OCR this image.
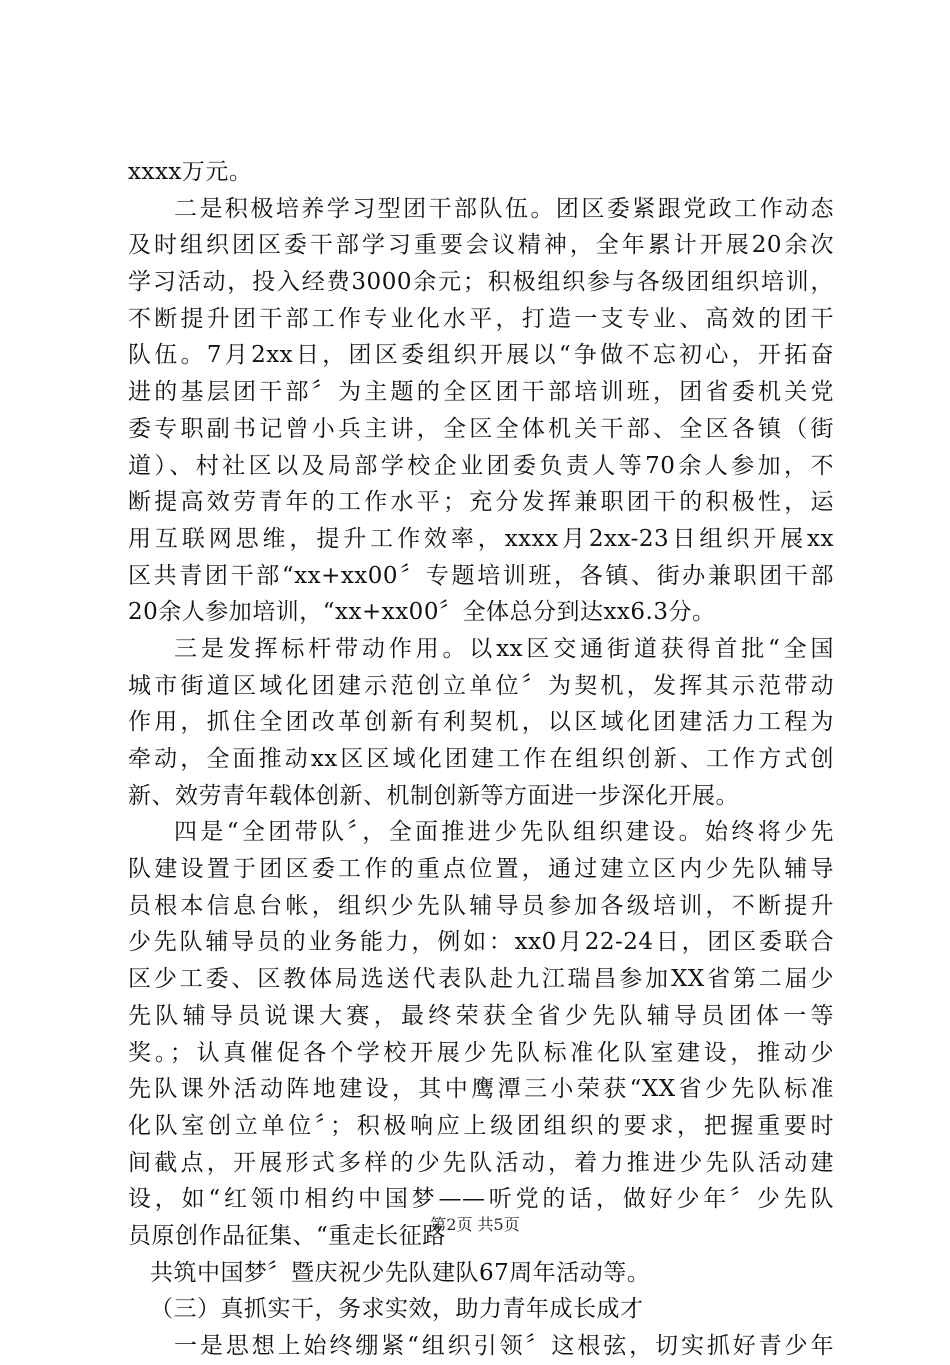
xxxx万元。
二是积极培养学习型团干部队伍。团区委紧跟党政工作动态
及时组织团区委干部学习重要会议精神，全年累计开展20余次
学习活动，投入经费3000余元；积极组织参与各级团组织培训，
不断提升团干部工作专业化水平，打造一支专业、高效的团干
队伍。7月2xx日，团区委组织开展以“争做不忘初心，开拓奋
进的基层团干部〞为主题的全区团干部培训班，团省委机关党
委专职副书记曾小兵主讲，全区全体机关干部、全区各镇（街
道）、村社区以及局部学校企业团委负责人等70余人参加，不
断提高效劳青年的工作水平；充分发挥兼职团干的积极性，运
用互联网思维，提升工作效率，xxxx月2xx-23日组织开展xx
区共青团干部“xx+xx00〞专题培训班，各镇、街办兼职团干部
20余人参加培训，“xx+xx00〞全体总分到达xx6.3分。
三是发挥标杆带动作用。以xx区交通街道获得首批“全国
城市街道区域化团建示范创立单位〞为契机，发挥其示范带动
作用，抓住全团改革创新有利契机，以区域化团建活力工程为
牵动，全面推动xx区区域化团建工作在组织创新、工作方式创
新、效劳青年载体创新、机制创新等方面进一步深化开展。
四是“全团带队〞，全面推进少先队组织建设。始终将少先
队建设置于团区委工作的重点位置，通过建立区内少先队辅导
员根本信息台帐，组织少先队辅导员参加各级培训，不断提升
少先队辅导员的业务能力，例如：xx0月22-24日，团区委联合
区少工委、区教体局选送代表队赴九江瑞昌参加XX省第二届少
先队辅导员说课大赛，最终荣获全省少先队辅导员团体一等
奖。；认真催促各个学校开展少先队标准化队室建设，推动少
先队课外活动阵地建设，其中鹰潭三小荣获“XX省少先队标准
化队室创立单位〞；积极响应上级团组织的要求，把握重要时
间截点，开展形式多样的少先队活动，着力推进少先队活动建
设，如“红领巾相约中国梦——听党的话，做好少年〞少先队
员原创作品征集、“重走长征路
共筑中国梦〞暨庆祝少先队建队67周年活动等。
（三）真抓实干，务求实效，助力青年成长成才
一是思想上始终绷紧“组织引领〞这根弦，切实抓好青少年
第2页 共5页
